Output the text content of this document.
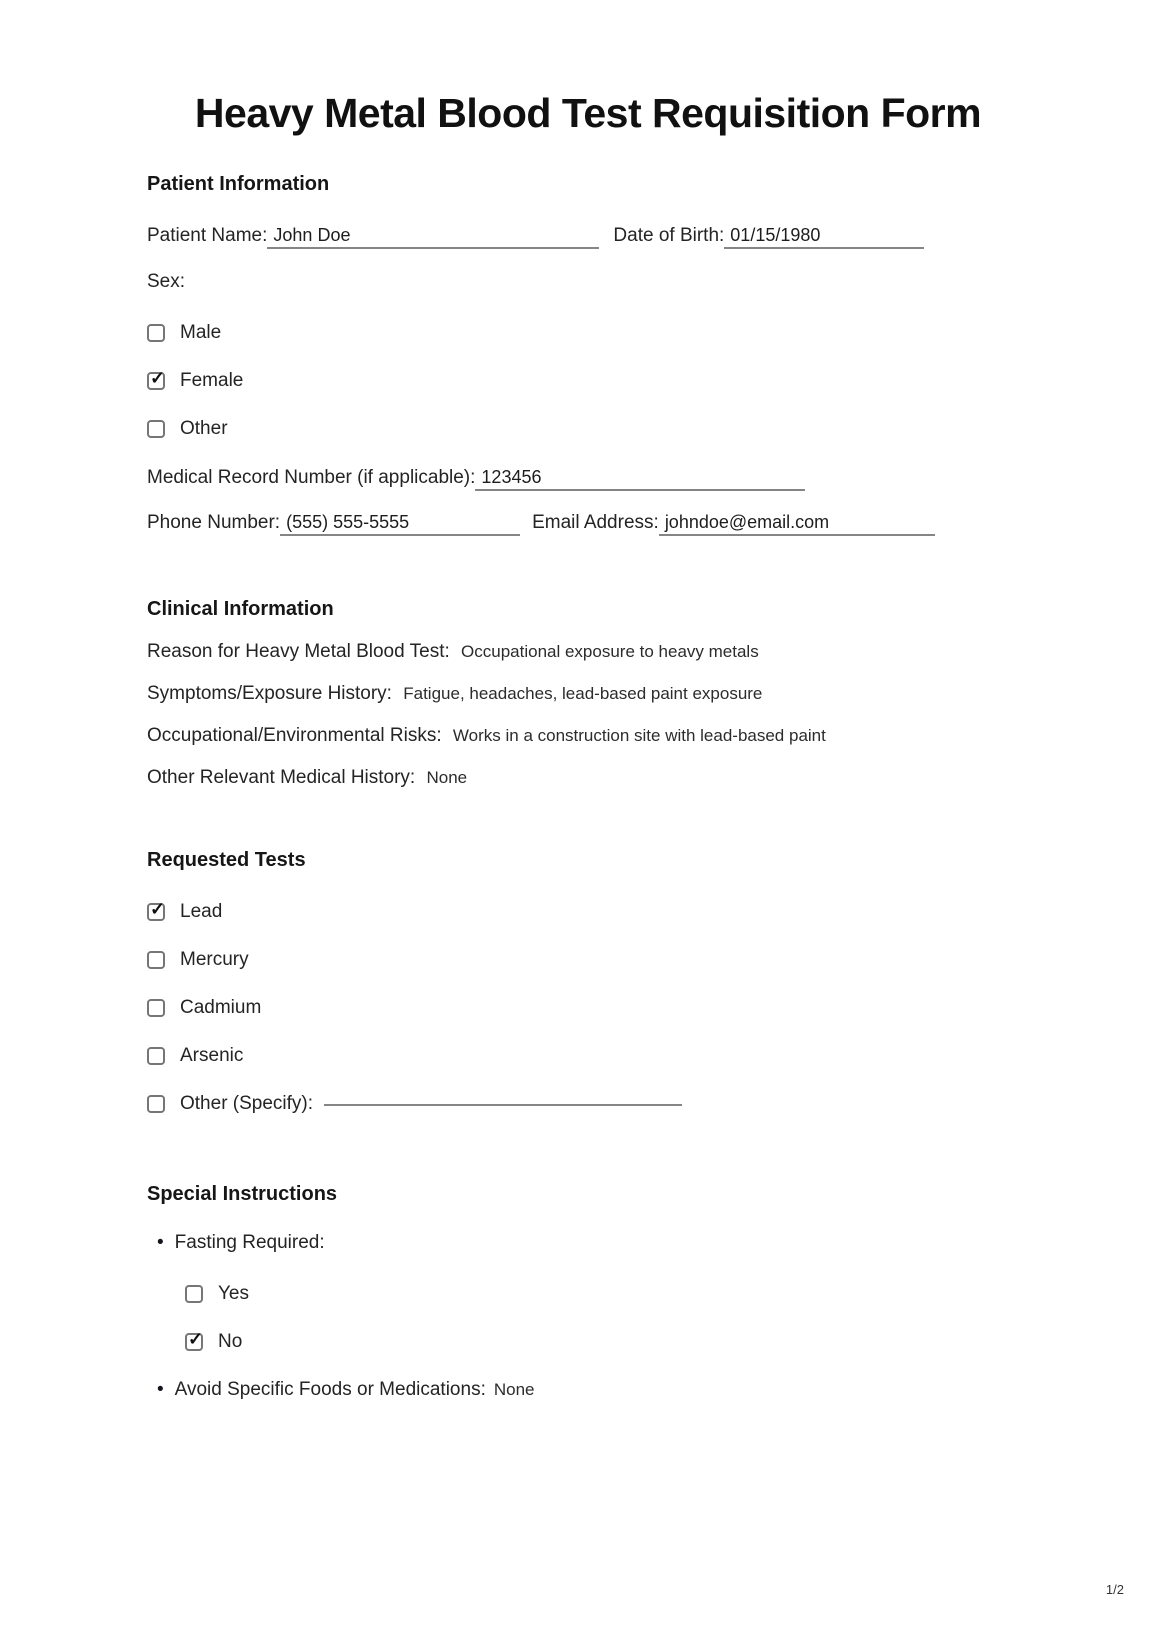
Heavy Metal Blood Test Requisition Form
Patient Information
Patient Name: John Doe	Date of Birth: 01/15/1980
Sex:
Male
✓
Female
Other
Medical Record Number (if applicable): 123456
Phone Number: (555) 555-5555	Email Address: johndoe@email.com
Clinical Information
Reason for Heavy Metal Blood Test: Occupational exposure to heavy metals
Symptoms/Exposure History: Fatigue, headaches, lead-based paint exposure
Occupational/Environmental Risks: Works in a construction site with lead-based paint
Other Relevant Medical History: None
Requested Tests
✓
Lead
Mercury
Cadmium
Arsenic
Other (Specify):
Special Instructions
• Fasting Required:
Yes
✓
No
• Avoid Specific Foods or Medications: None
1/2
